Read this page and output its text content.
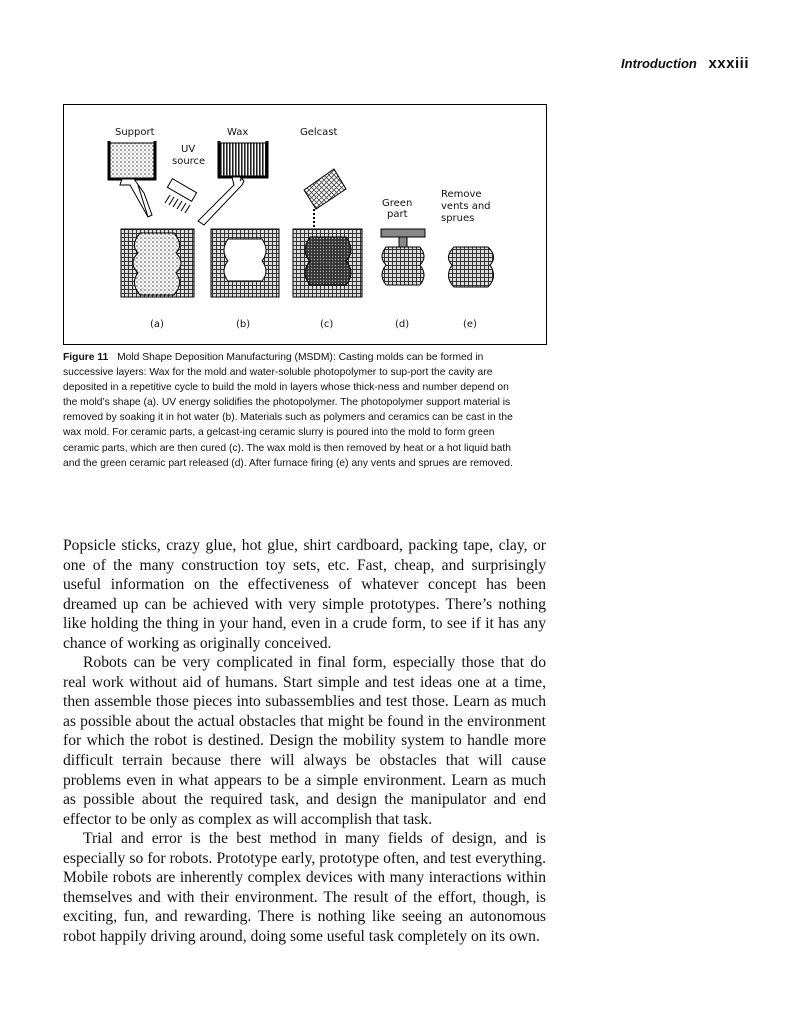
Introduction xxxiii
Support	Wax	Gelcast
UV
source
Green
part
Remove
vents and
sprues
(a)	(b)	(c)	(d)	(e)

Figure 11 Mold Shape Deposition Manufacturing (MSDM): Casting molds can be formed in successive layers: Wax for the mold and water-soluble photopolymer to sup-port the cavity are deposited in a repetitive cycle to build the mold in layers whose thick-ness and number depend on the mold’s shape (a). UV energy solidifies the photopolymer. The photopolymer support material is removed by soaking it in hot water (b). Materials such as polymers and ceramics can be cast in the wax mold. For ceramic parts, a gelcast-ing ceramic slurry is poured into the mold to form green ceramic parts, which are then cured (c). The wax mold is then removed by heat or a hot liquid bath and the green ceramic part released (d). After furnace firing (e) any vents and sprues are removed.

Popsicle sticks, crazy glue, hot glue, shirt cardboard, packing tape, clay, or one of the many construction toy sets, etc. Fast, cheap, and surprisingly useful information on the effectiveness of whatever concept has been dreamed up can be achieved with very simple prototypes. There’s nothing like holding the thing in your hand, even in a crude form, to see if it has any chance of working as originally conceived.

Robots can be very complicated in final form, especially those that do real work without aid of humans. Start simple and test ideas one at a time, then assemble those pieces into subassemblies and test those. Learn as much as possible about the actual obstacles that might be found in the environment for which the robot is destined. Design the mobility system to handle more difficult terrain because there will always be obstacles that will cause problems even in what appears to be a simple environment. Learn as much as possible about the required task, and design the manipulator and end effector to be only as complex as will accomplish that task.

Trial and error is the best method in many fields of design, and is especially so for robots. Prototype early, prototype often, and test everything. Mobile robots are inherently complex devices with many interactions within themselves and with their environment. The result of the effort, though, is exciting, fun, and rewarding. There is nothing like seeing an autonomous robot happily driving around, doing some useful task completely on its own.
